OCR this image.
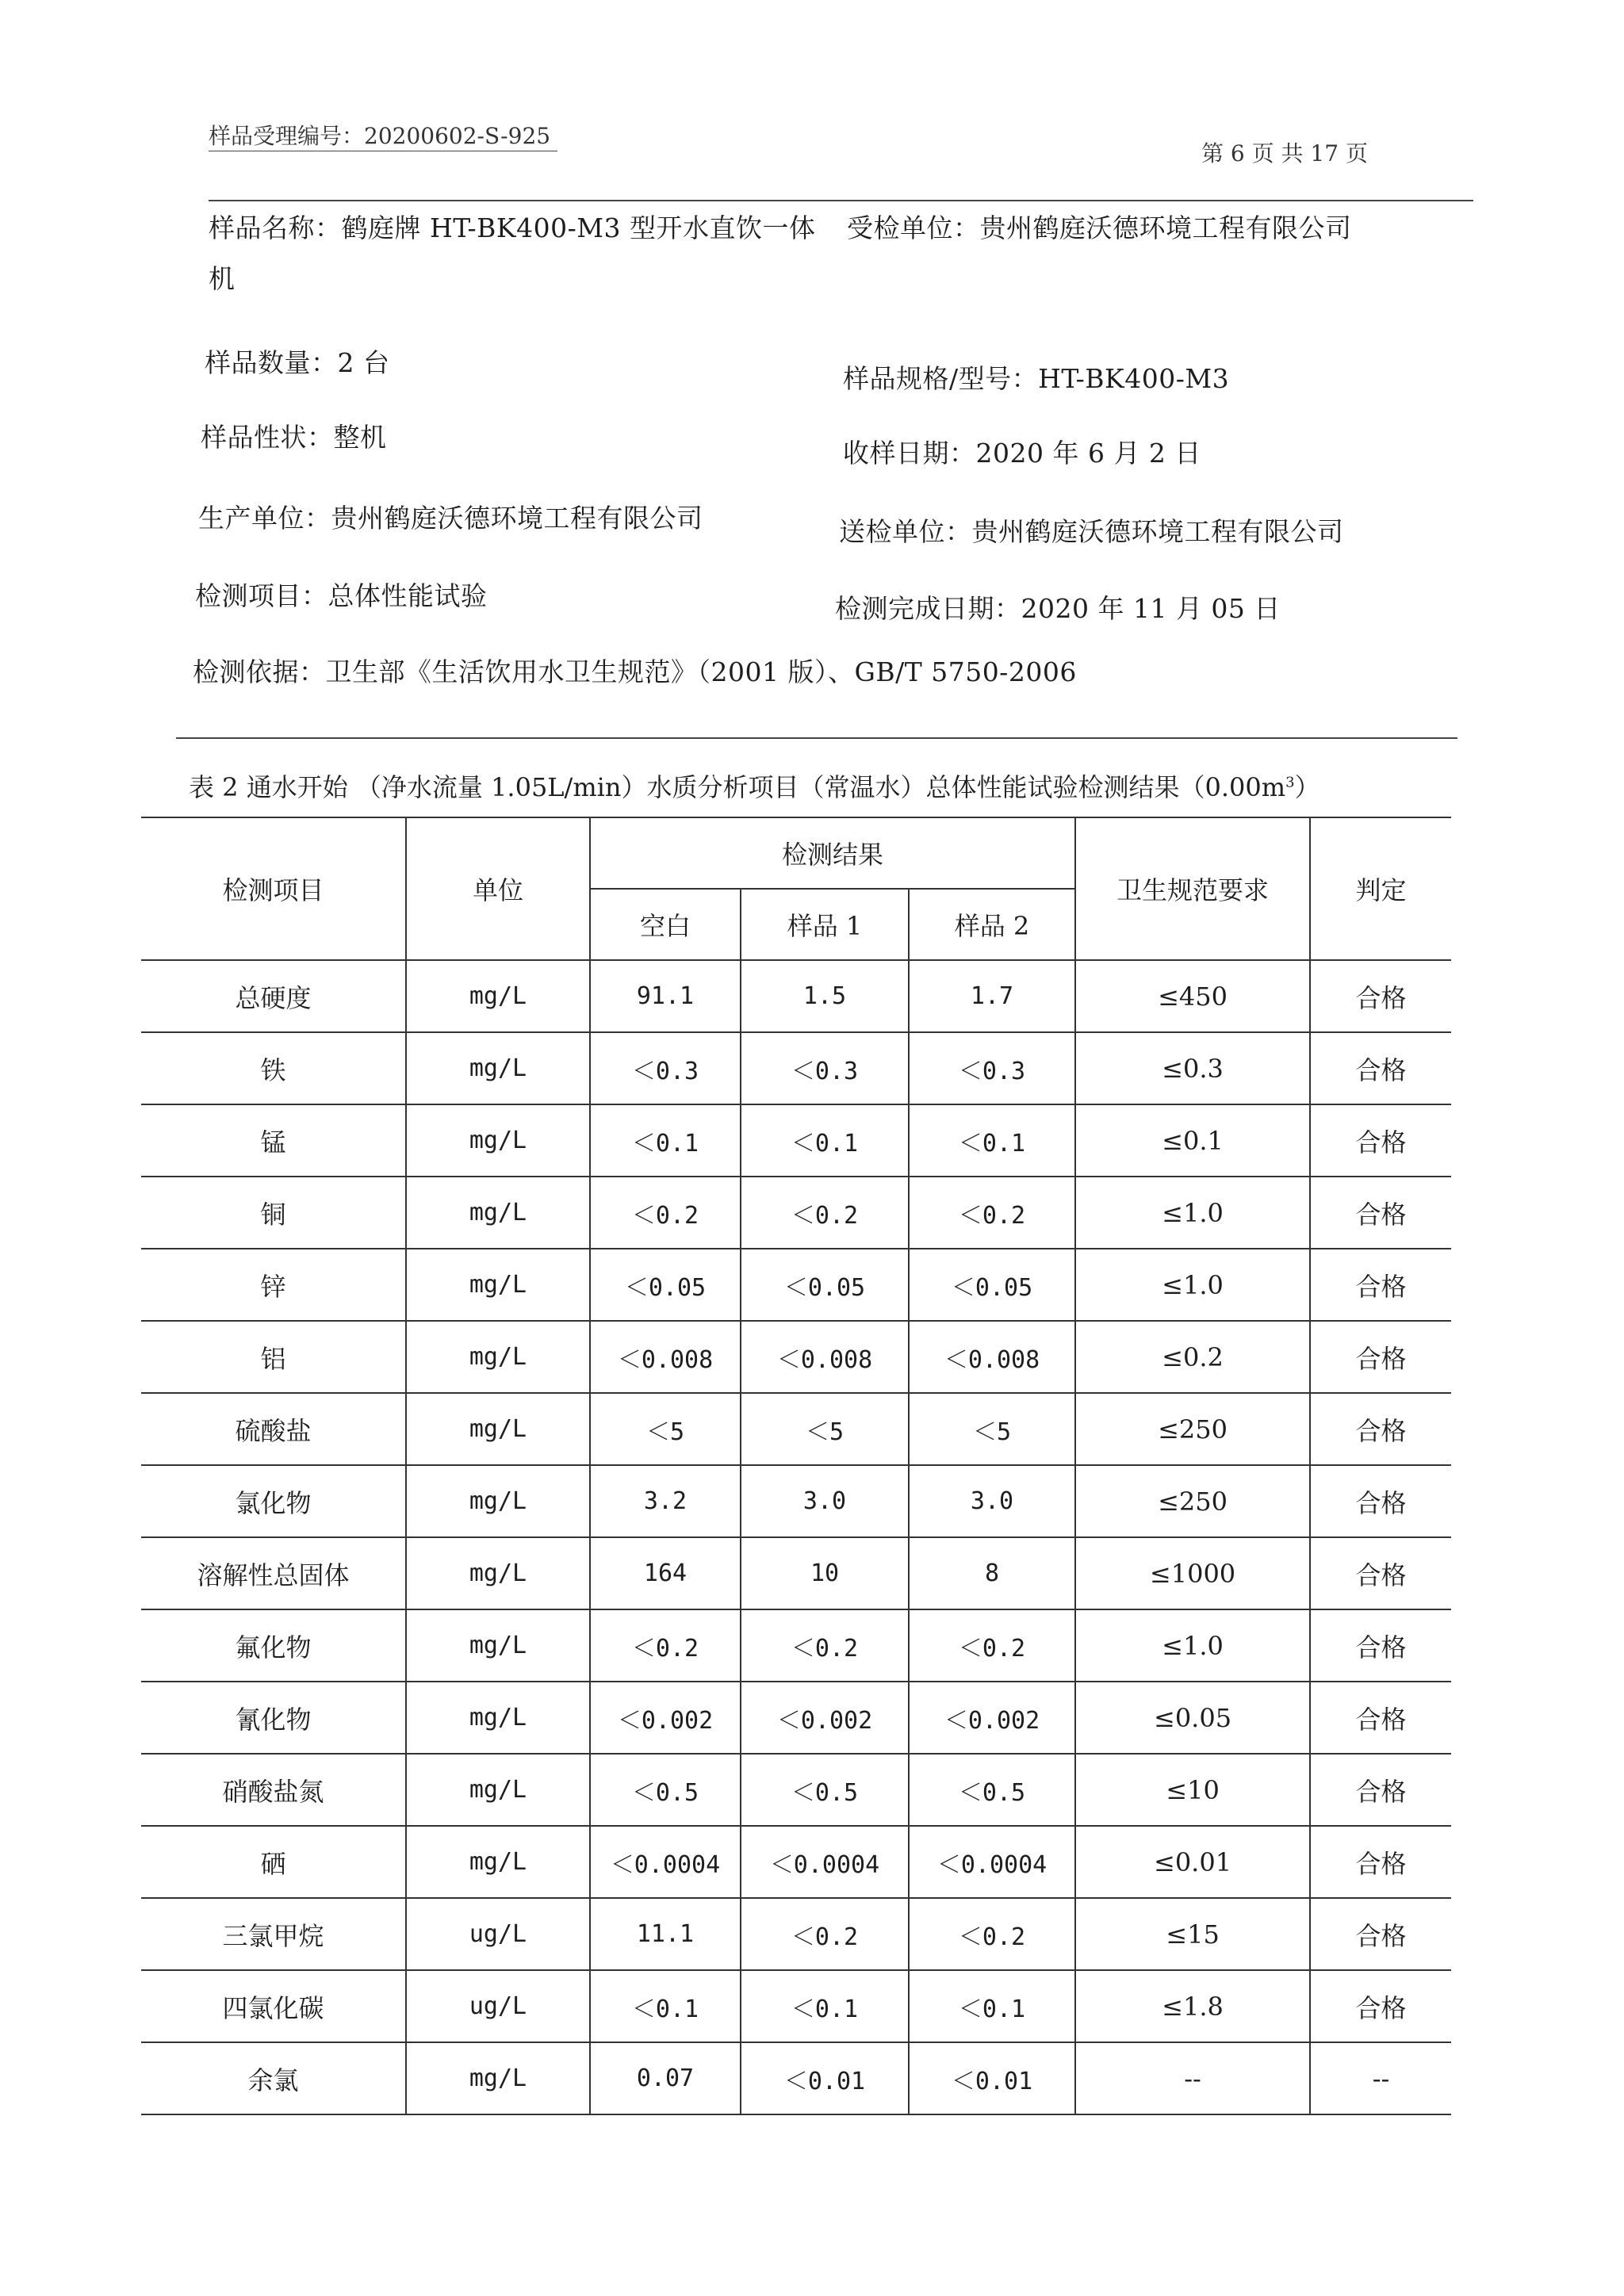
样品受理编号：20200602-S-925
第 6 页 共 17 页
样品名称：鹤庭牌 HT-BK400-M3 型开水直饮一体 受检单位：贵州鹤庭沃德环境工程有限公司
机
样品数量：2 台
样品规格/型号：HT-BK400-M3
样品性状：整机
收样日期：2020 年 6 月 2 日
生产单位：贵州鹤庭沃德环境工程有限公司	送检单位：贵州鹤庭沃德环境工程有限公司
检测项目：总体性能试验	检测完成日期：2020 年 11 月 05 日
检测依据：卫生部《生活饮用水卫生规范》（2001 版）、GB/T 5750-2006
表 2 通水开始 （净水流量 1.05L/min）水质分析项目（常温水）总体性能试验检测结果$(0.00m^3)$
检测项目	单位	检测结果			卫生规范要求	判定
		空白	样品 1	样品 2		
总硬度	mg/L	91.1	1.5	1.7	≤450	合格
铁	mg/L	＜0.3	＜0.3	＜0.3	≤0.3	合格
锰	mg/L	＜0.1	＜0.1	＜0.1	≤0.1	合格
铜	mg/L	＜0.2	＜0.2	＜0.2	≤1.0	合格
锌	mg/L	＜0.05	＜0.05	＜0.05	≤1.0	合格
铝	mg/L	＜0.008	＜0.008	＜0.008	≤0.2	合格
硫酸盐	mg/L	＜5	＜5	＜5	≤250	合格
氯化物	mg/L	3.2	3.0	3.0	≤250	合格
溶解性总固体	mg/L	164	10	8	≤1000	合格
氟化物	mg/L	＜0.2	＜0.2	＜0.2	≤1.0	合格
氰化物	mg/L	＜0.002	＜0.002	＜0.002	≤0.05	合格
硝酸盐氮	mg/L	＜0.5	＜0.5	＜0.5	≤10	合格
硒	mg/L	＜0.0004	＜0.0004	＜0.0004	≤0.01	合格
三氯甲烷	ug/L	11.1	＜0.2	＜0.2	≤15	合格
四氯化碳	ug/L	＜0.1	＜0.1	＜0.1	≤1.8	合格
余氯	mg/L	0.07	＜0.01	＜0.01	--	--
